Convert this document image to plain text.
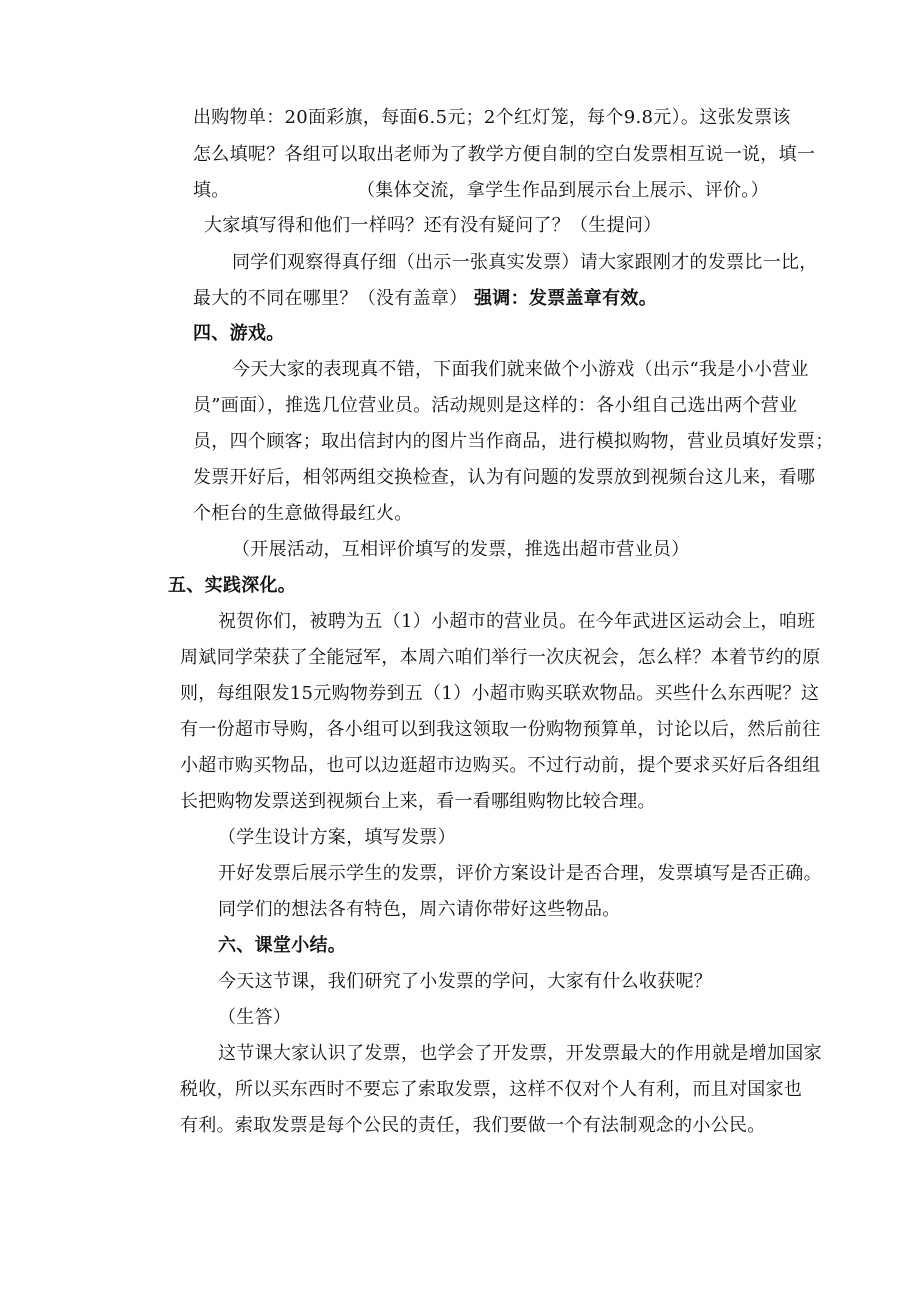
出购物单：20面彩旗，每面6.5元；2个红灯笼，每个9.8元）。这张发票该
怎么填呢？各组可以取出老师为了教学方便自制的空白发票相互说一说，填一
填。	（集体交流，拿学生作品到展示台上展示、评价。）
大家填写得和他们一样吗？还有没有疑问了？（生提问）
同学们观察得真仔细（出示一张真实发票）请大家跟刚才的发票比一比，
最大的不同在哪里？（没有盖章） 强调：发票盖章有效。
四、游戏。
今天大家的表现真不错，下面我们就来做个小游戏（出示“我是小小营业
员”画面），推选几位营业员。活动规则是这样的：各小组自己选出两个营业
员，四个顾客；取出信封内的图片当作商品，进行模拟购物，营业员填好发票；
发票开好后，相邻两组交换检查，认为有问题的发票放到视频台这儿来，看哪
个柜台的生意做得最红火。
（开展活动，互相评价填写的发票，推选出超市营业员）
五、实践深化。
祝贺你们，被聘为五（1）小超市的营业员。在今年武进区运动会上，咱班
周斌同学荣获了全能冠军，本周六咱们举行一次庆祝会，怎么样？本着节约的原
则，每组限发15元购物券到五（1）小超市购买联欢物品。买些什么东西呢？这
有一份超市导购，各小组可以到我这领取一份购物预算单，讨论以后，然后前往
小超市购买物品，也可以边逛超市边购买。不过行动前，提个要求买好后各组组
长把购物发票送到视频台上来，看一看哪组购物比较合理。
（学生设计方案，填写发票）
开好发票后展示学生的发票，评价方案设计是否合理，发票填写是否正确。
同学们的想法各有特色，周六请你带好这些物品。
六、课堂小结。
今天这节课，我们研究了小发票的学问，大家有什么收获呢？
（生答）
这节课大家认识了发票，也学会了开发票，开发票最大的作用就是增加国家
税收，所以买东西时不要忘了索取发票，这样不仅对个人有利，而且对国家也
有利。索取发票是每个公民的责任，我们要做一个有法制观念的小公民。
